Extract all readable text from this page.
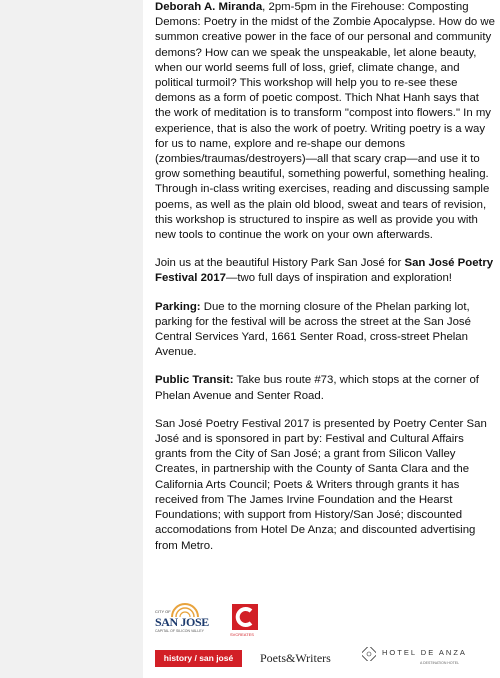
Deborah A. Miranda, 2pm-5pm in the Firehouse: Composting Demons: Poetry in the midst of the Zombie Apocalypse. How do we summon creative power in the face of our personal and community demons? How can we speak the unspeakable, let alone beauty, when our world seems full of loss, grief, climate change, and political turmoil? This workshop will help you to re-see these demons as a form of poetic compost. Thich Nhat Hanh says that the work of meditation is to transform "compost into flowers." In my experience, that is also the work of poetry. Writing poetry is a way for us to name, explore and re-shape our demons (zombies/traumas/destroyers)—all that scary crap—and use it to grow something beautiful, something powerful, something healing. Through in-class writing exercises, reading and discussing sample poems, as well as the plain old blood, sweat and tears of revision, this workshop is structured to inspire as well as provide you with new tools to continue the work on your own afterwards.

Join us at the beautiful History Park San José for San José Poetry Festival 2017—two full days of inspiration and exploration!

Parking: Due to the morning closure of the Phelan parking lot, parking for the festival will be across the street at the San José Central Services Yard, 1661 Senter Road, cross-street Phelan Avenue.

Public Transit: Take bus route #73, which stops at the corner of Phelan Avenue and Senter Road.

San José Poetry Festival 2017 is presented by Poetry Center San José and is sponsored in part by: Festival and Cultural Affairs grants from the City of San José; a grant from Silicon Valley Creates, in partnership with the County of Santa Clara and the California Arts Council; Poets & Writers through grants it has received from The James Irvine Foundation and the Hearst Foundations; with support from History/San José; discounted accomodations from Hotel De Anza; and discounted advertising from Metro.

CITY OF
SAN JOSE
CAPITAL OF SILICON VALLEY
SVCREATES
history / san josé	Poets&Writers	HOTEL DE ANZA
A DESTINATION HOTEL
